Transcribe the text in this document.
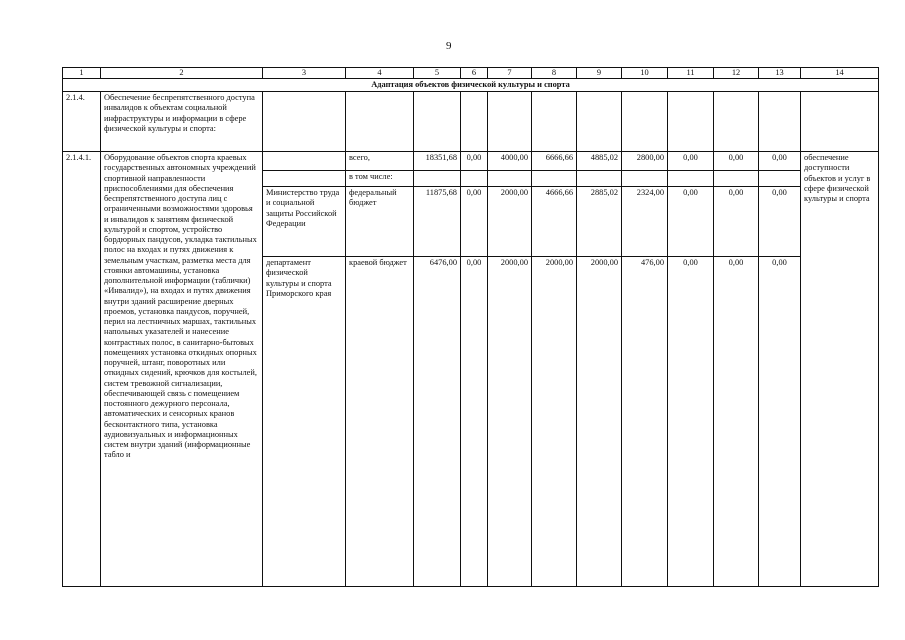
9
1	2	3	4	5	6	7	8	9	10	11	12	13	14
Адаптация объектов физической культуры и спорта													
2.1.4.	Обеспечение беспрепятственного доступа инвалидов к объектам социальной инфраструктуры и информации в сфере физической культуры и спорта:												
2.1.4.1.	Оборудование объектов спорта краевых государственных автономных учреждений спортивной направленности приспособлениями для обеспечения беспрепятственного доступа лиц с ограниченными возможностями здоровья и инвалидов к занятиям физической культурой и спортом, устройство бордюрных пандусов, укладка тактильных полос на входах и путях движения к земельным участкам, разметка места для стоянки автомашины, установка дополнительной информации (таблички) «Инвалид»), на входах и путях движения внутри зданий расширение дверных проемов, установка пандусов, поручней, перил на лестничных маршах, тактильных напольных указателей и нанесение контрастных полос, в санитарно-бытовых помещениях установка откидных опорных поручней, штанг, поворотных или откидных сидений, крючков для костылей, систем тревожной сигнализации, обеспечивающей связь с помещением постоянного дежурного персонала, автоматических и сенсорных кранов бесконтактного типа, установка аудиовизуальных и информационных систем внутри зданий (информационные табло и		всего,	18351,68	0,00	4000,00	6666,66	4885,02	2800,00	0,00	0,00	0,00	обеспечение доступности объектов и услуг в сфере физической культуры и спорта
			в том числе:										
		Министерство труда и социальной защиты Российской Федерации	федеральный бюджет	11875,68	0,00	2000,00	4666,66	2885,02	2324,00	0,00	0,00	0,00	
		департамент физической культуры и спорта Приморского края	краевой бюджет	6476,00	0,00	2000,00	2000,00	2000,00	476,00	0,00	0,00	0,00	
